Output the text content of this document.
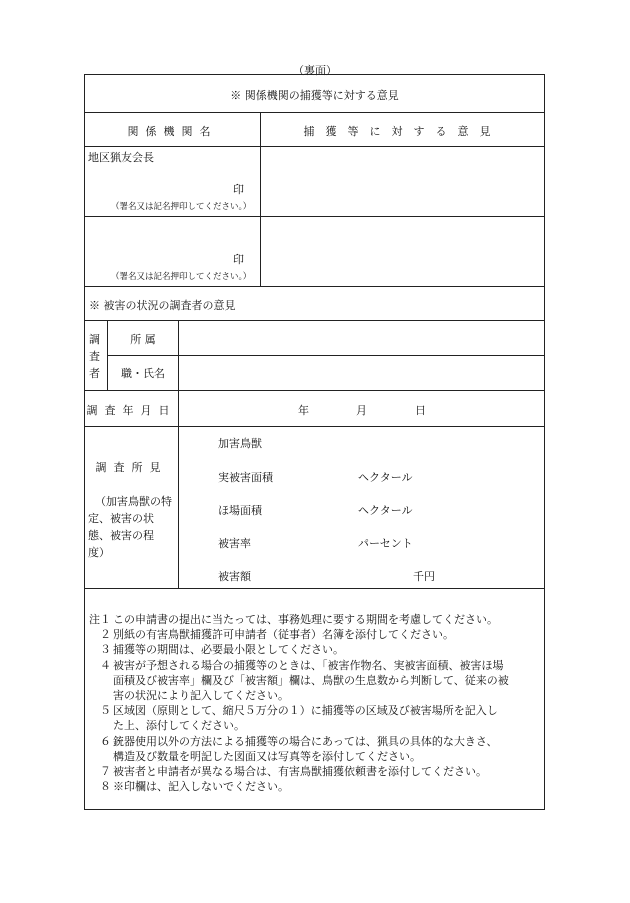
（裏面）
※ 関係機関の捕獲等に対する意見
関係機関名	捕獲等に対する意見
地区猟友会長
印
（署名又は記名押印してください。）
印
（署名又は記名押印してください。）
※ 被害の状況の調査者の意見
調
査
者
所 属
職・氏名
調査年月日	年	月	日
調査所見
（加害鳥獣の特
定、被害の状
態、被害の程
度）
加害鳥獣
実被害面積	ヘクタール
ほ場面積	ヘクタール
被害率	パーセント
被害額	千円
注１ この申請書の提出に当たっては、事務処理に要する期間を考慮してください。
２ 別紙の有害鳥獣捕獲許可申請者（従事者）名簿を添付してください。
３ 捕獲等の期間は、必要最小限としてください。
４ 被害が予想される場合の捕獲等のときは、「被害作物名、実被害面積、被害ほ場
面積及び被害率」欄及び「被害額」欄は、鳥獣の生息数から判断して、従来の被
害の状況により記入してください。
５ 区域図（原則として、縮尺５万分の１）に捕獲等の区域及び被害場所を記入し
た上、添付してください。
６ 銃器使用以外の方法による捕獲等の場合にあっては、猟具の具体的な大きさ、
構造及び数量を明記した図面又は写真等を添付してください。
７ 被害者と申請者が異なる場合は、有害鳥獣捕獲依頼書を添付してください。
８ ※印欄は、記入しないでください。
